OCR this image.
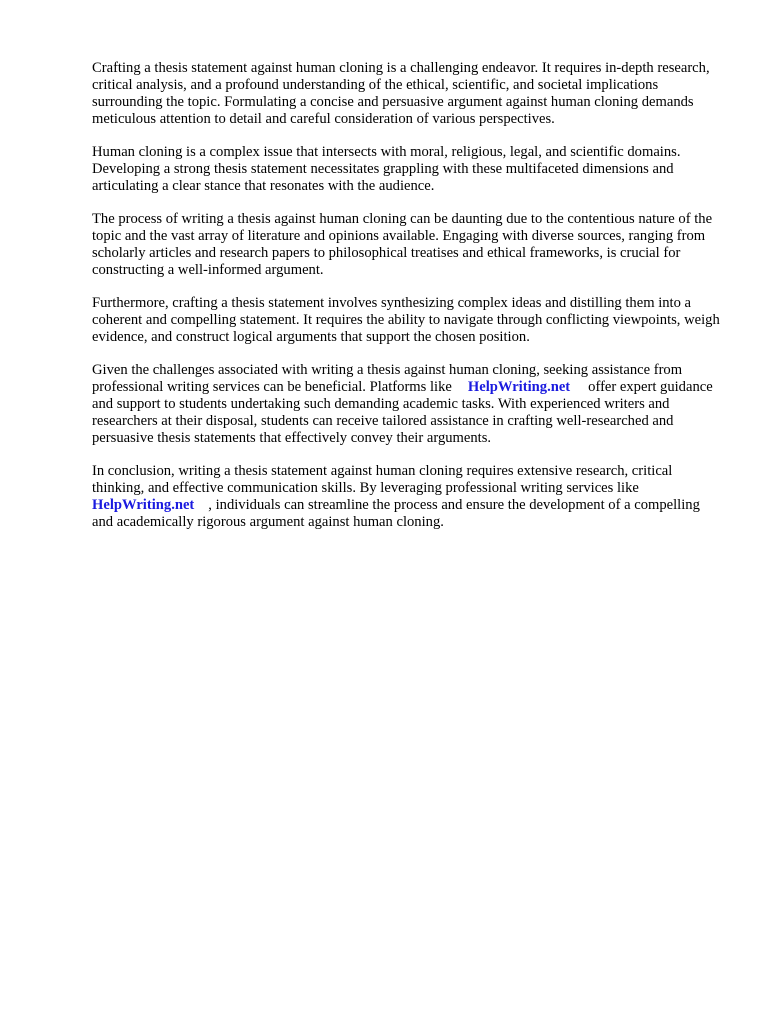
Crafting a thesis statement against human cloning is a challenging endeavor. It requires in-depth research, critical analysis, and a profound understanding of the ethical, scientific, and societal implications surrounding the topic. Formulating a concise and persuasive argument against human cloning demands meticulous attention to detail and careful consideration of various perspectives.

Human cloning is a complex issue that intersects with moral, religious, legal, and scientific domains. Developing a strong thesis statement necessitates grappling with these multifaceted dimensions and articulating a clear stance that resonates with the audience.

The process of writing a thesis against human cloning can be daunting due to the contentious nature of the topic and the vast array of literature and opinions available. Engaging with diverse sources, ranging from scholarly articles and research papers to philosophical treatises and ethical frameworks, is crucial for constructing a well-informed argument.

Furthermore, crafting a thesis statement involves synthesizing complex ideas and distilling them into a coherent and compelling statement. It requires the ability to navigate through conflicting viewpoints, weigh evidence, and construct logical arguments that support the chosen position.

Given the challenges associated with writing a thesis against human cloning, seeking assistance from professional writing services can be beneficial. Platforms like HelpWriting.net offer expert guidance and support to students undertaking such demanding academic tasks. With experienced writers and researchers at their disposal, students can receive tailored assistance in crafting well-researched and persuasive thesis statements that effectively convey their arguments.

In conclusion, writing a thesis statement against human cloning requires extensive research, critical thinking, and effective communication skills. By leveraging professional writing services like HelpWriting.net , individuals can streamline the process and ensure the development of a compelling and academically rigorous argument against human cloning.
